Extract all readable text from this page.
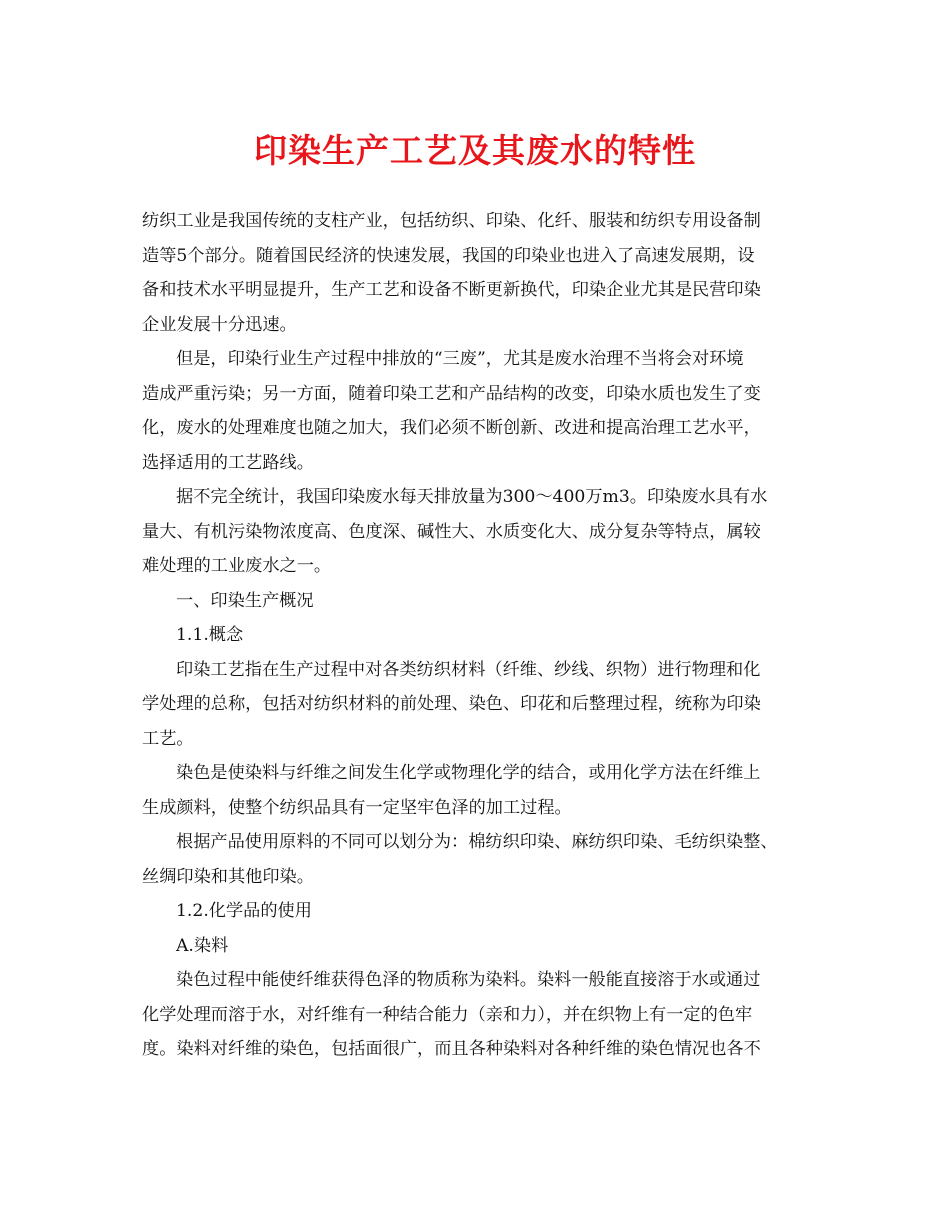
印染生产工艺及其废水的特性

纺织工业是我国传统的支柱产业，包括纺织、印染、化纤、服装和纺织专用设备制
造等5个部分。随着国民经济的快速发展，我国的印染业也进入了高速发展期，设
备和技术水平明显提升，生产工艺和设备不断更新换代，印染企业尤其是民营印染
企业发展十分迅速。

但是，印染行业生产过程中排放的“三废”，尤其是废水治理不当将会对环境
造成严重污染；另一方面，随着印染工艺和产品结构的改变，印染水质也发生了变
化，废水的处理难度也随之加大，我们必须不断创新、改进和提高治理工艺水平，
选择适用的工艺路线。

据不完全统计，我国印染废水每天排放量为300～400万m3。印染废水具有水
量大、有机污染物浓度高、色度深、碱性大、水质变化大、成分复杂等特点，属较
难处理的工业废水之一。

一、印染生产概况

1.1.概念

印染工艺指在生产过程中对各类纺织材料（纤维、纱线、织物）进行物理和化
学处理的总称，包括对纺织材料的前处理、染色、印花和后整理过程，统称为印染
工艺。

染色是使染料与纤维之间发生化学或物理化学的结合，或用化学方法在纤维上
生成颜料，使整个纺织品具有一定坚牢色泽的加工过程。

根据产品使用原料的不同可以划分为：棉纺织印染、麻纺织印染、毛纺织染整、
丝绸印染和其他印染。

1.2.化学品的使用

A.染料

染色过程中能使纤维获得色泽的物质称为染料。染料一般能直接溶于水或通过
化学处理而溶于水，对纤维有一种结合能力（亲和力），并在织物上有一定的色牢
度。染料对纤维的染色，包括面很广，而且各种染料对各种纤维的染色情况也各不
